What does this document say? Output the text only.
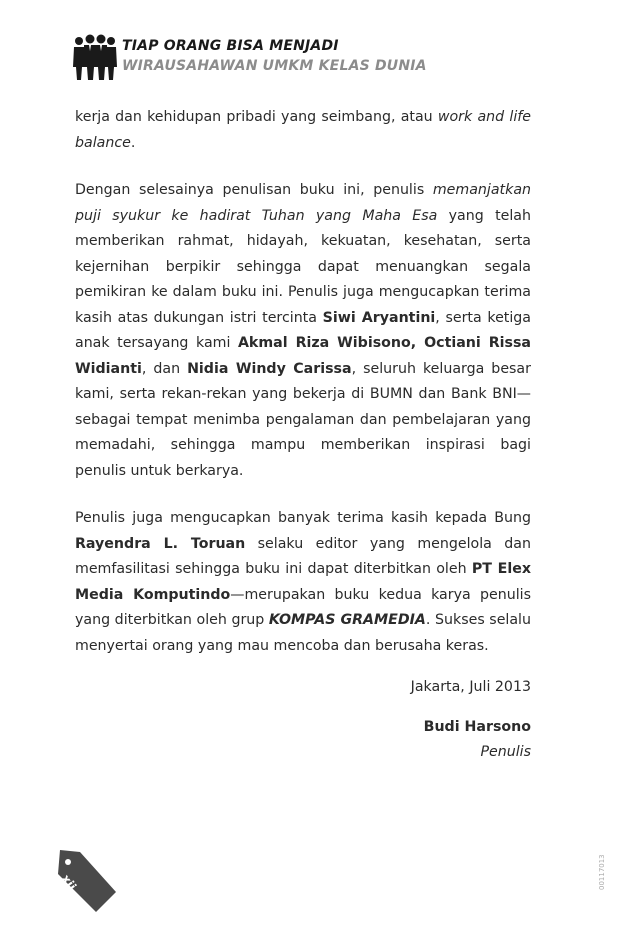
TIAP ORANG BISA MENJADI
WIRAUSAHAWAN UMKM KELAS DUNIA

kerja dan kehidupan pribadi yang seimbang, atau work and life balance.

Dengan selesainya penulisan buku ini, penulis memanjatkan puji syukur ke hadirat Tuhan yang Maha Esa yang telah memberikan rahmat, hidayah, kekuatan, kesehatan, serta kejernihan berpikir sehingga dapat menuangkan segala pemikiran ke dalam buku ini. Penulis juga mengucapkan terima kasih atas dukungan istri tercinta Siwi Aryantini, serta ketiga anak tersayang kami Akmal Riza Wibisono, Octiani Rissa Widianti, dan Nidia Windy Carissa, seluruh keluarga besar kami, serta rekan-rekan yang bekerja di BUMN dan Bank BNI—sebagai tempat menimba pengalaman dan pembelajaran yang memadahi, sehingga mampu memberikan inspirasi bagi penulis untuk berkarya.

Penulis juga mengucapkan banyak terima kasih kepada Bung Rayendra L. Toruan selaku editor yang mengelola dan memfasilitasi sehingga buku ini dapat diterbitkan oleh PT Elex Media Komputindo—merupakan buku kedua karya penulis yang diterbitkan oleh grup KOMPAS GRAMEDIA. Sukses selalu menyertai orang yang mau mencoba dan berusaha keras.

Jakarta, Juli 2013
Budi Harsono
Penulis
xii	00117013
